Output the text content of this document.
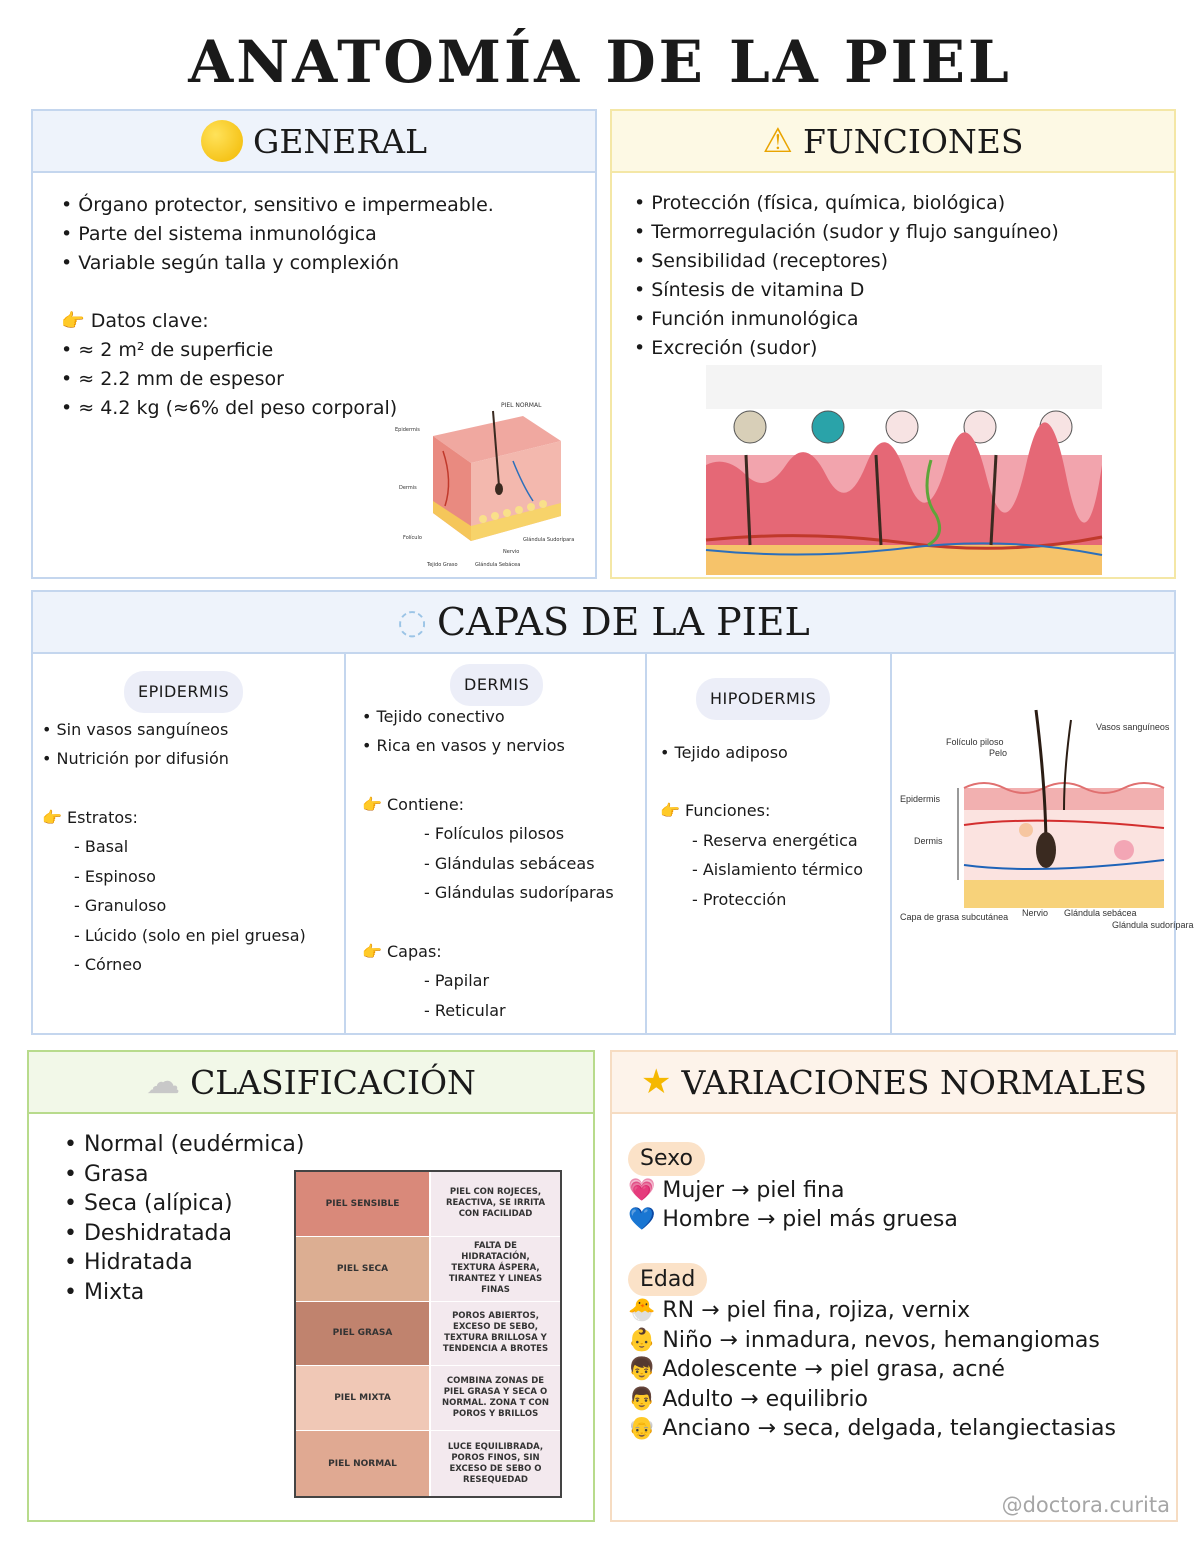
ANATOMÍA DE LA PIEL
GENERAL

• Órgano protector, sensitivo e impermeable.

• Parte del sistema inmunológica

• Variable según talla y complexión

👉 Datos clave:

• ≈ 2 m² de superficie

• ≈ 2.2 mm de espesor

• ≈ 4.2 kg (≈6% del peso corporal)	PIEL NORMAL
Epidermis
Dermis
Folículo
Tejido Graso	Glándula Sebácea
Nervio
Glándula Sudorípara
⚠ FUNCIONES

• Protección (física, química, biológica)

• Termorregulación (sudor y flujo sanguíneo)

• Sensibilidad (receptores)

• Síntesis de vitamina D

• Función inmunológica

• Excreción (sudor)

◌ CAPAS DE LA PIEL

EPIDERMIS

• Sin vasos sanguíneos

• Nutrición por difusión

👉 Estratos:

- Basal

- Espinoso

- Granuloso

- Lúcido (solo en piel gruesa)

- Córneo

DERMIS

• Tejido conectivo

• Rica en vasos y nervios

👉 Contiene:

- Folículos pilosos

- Glándulas sebáceas

- Glándulas sudoríparas

👉 Capas:

- Papilar

- Reticular

HIPODERMIS

• Tejido adiposo

👉 Funciones:

- Reserva energética

- Aislamiento térmico

- Protección

Epidermis
Dermis
Folículo piloso
Pelo
Vasos sanguíneos
Capa de grasa subcutánea Nervio Glándula sebácea
Glándula sudorípara
☁ CLASIFICACIÓN

• Normal (eudérmica)

• Grasa

• Seca (alípica)

• Deshidratada

• Hidratada

• Mixta

PIEL SENSIBLE
PIEL CON ROJECES, REACTIVA, SE IRRITA CON FACILIDAD
PIEL SECA
FALTA DE HIDRATACIÓN, TEXTURA ÁSPERA, TIRANTEZ Y LINEAS FINAS
PIEL GRASA
POROS ABIERTOS, EXCESO DE SEBO, TEXTURA BRILLOSA Y TENDENCIA A BROTES
PIEL MIXTA
COMBINA ZONAS DE PIEL GRASA Y SECA O NORMAL. ZONA T CON POROS Y BRILLOS
PIEL NORMAL
LUCE EQUILIBRADA, POROS FINOS, SIN EXCESO DE SEBO O RESEQUEDAD
★ VARIACIONES NORMALES

Sexo

💗 Mujer → piel fina

💙 Hombre → piel más gruesa

Edad

🐣 RN → piel fina, rojiza, vernix

👶 Niño → inmadura, nevos, hemangiomas

👦 Adolescente → piel grasa, acné

👨 Adulto → equilibrio

👴 Anciano → seca, delgada, telangiectasias

@doctora.curita
